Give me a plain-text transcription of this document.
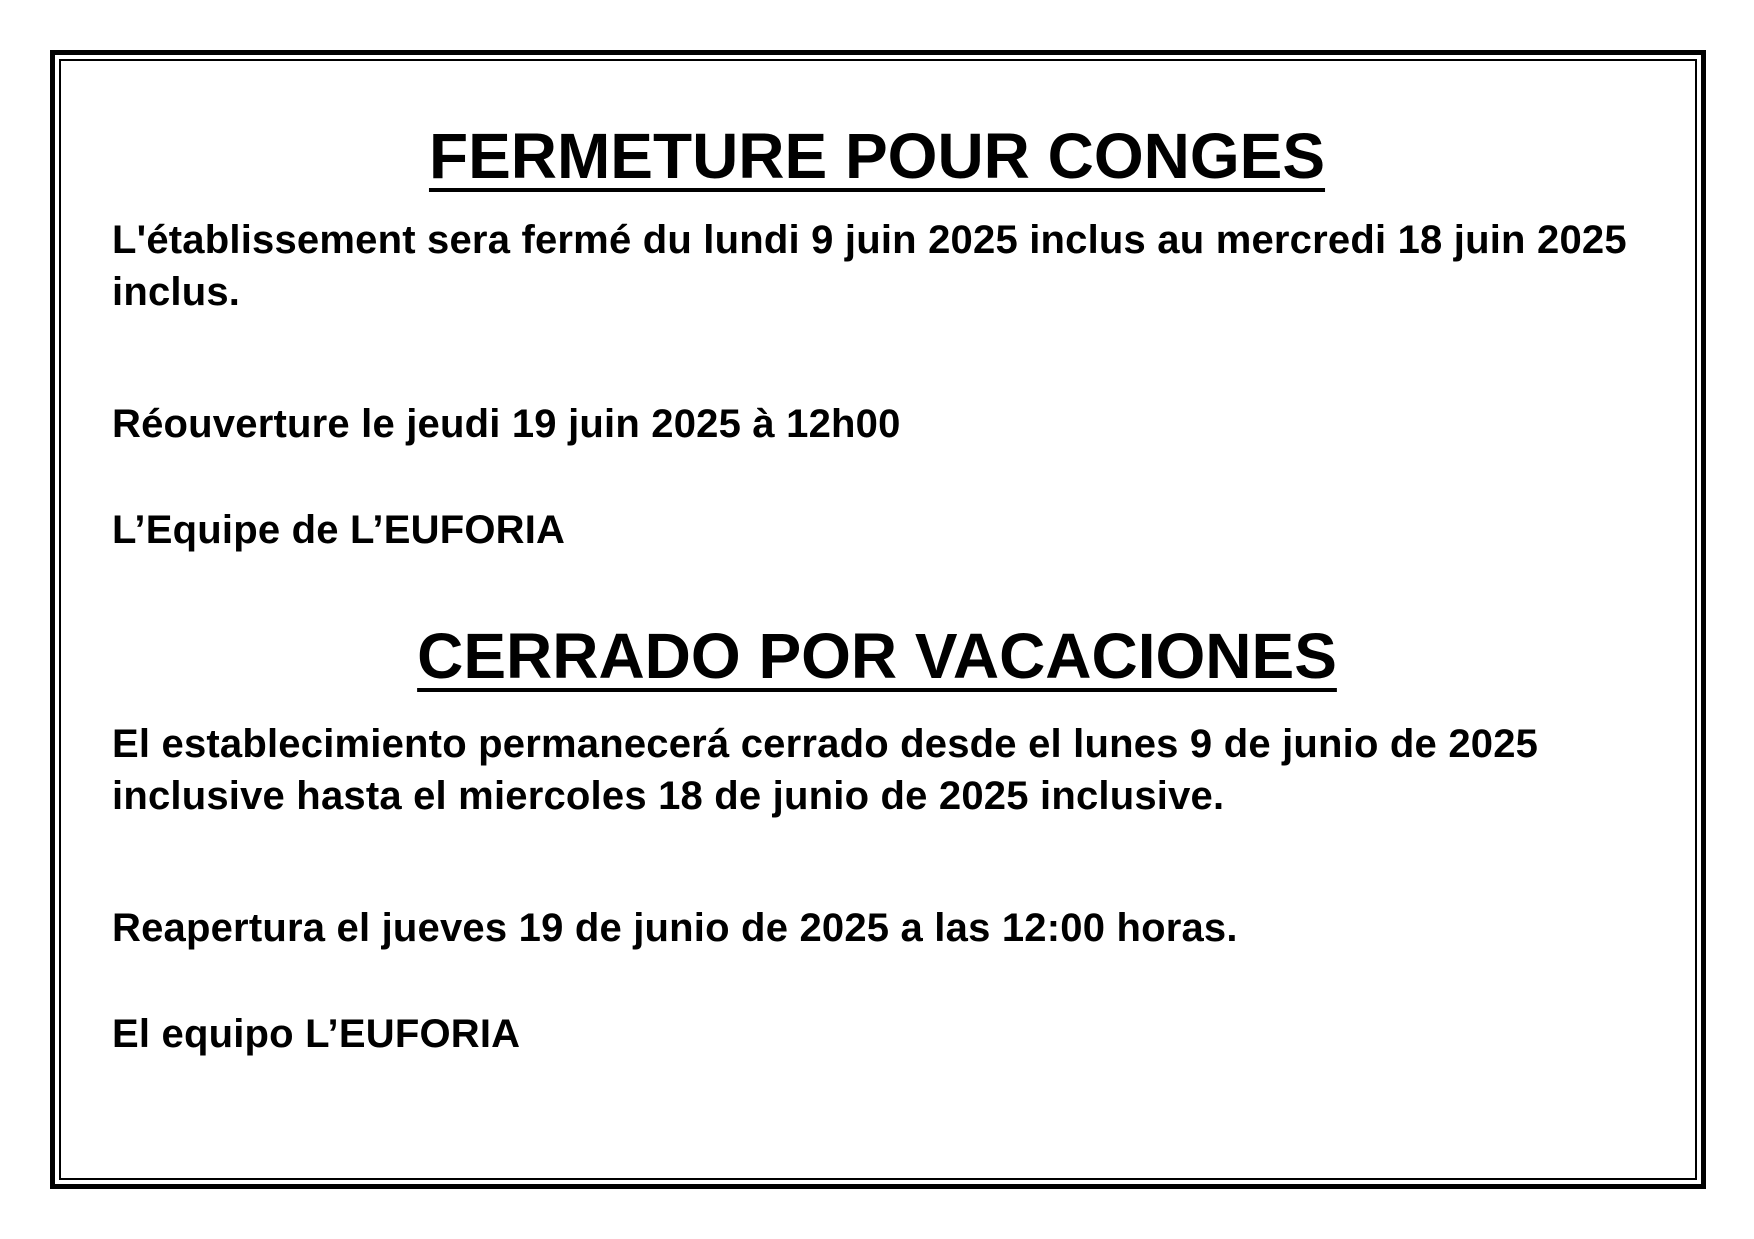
FERMETURE POUR CONGES

L'établissement sera fermé du lundi 9 juin 2025 inclus au mercredi 18 juin 2025 inclus.

Réouverture le jeudi 19 juin 2025 à 12h00

L’Equipe de L’EUFORIA

CERRADO POR VACACIONES

El establecimiento permanecerá cerrado desde el lunes 9 de junio de 2025 inclusive hasta el miercoles 18 de junio de 2025 inclusive.

Reapertura el jueves 19 de junio de 2025 a las 12:00 horas.

El equipo L’EUFORIA
